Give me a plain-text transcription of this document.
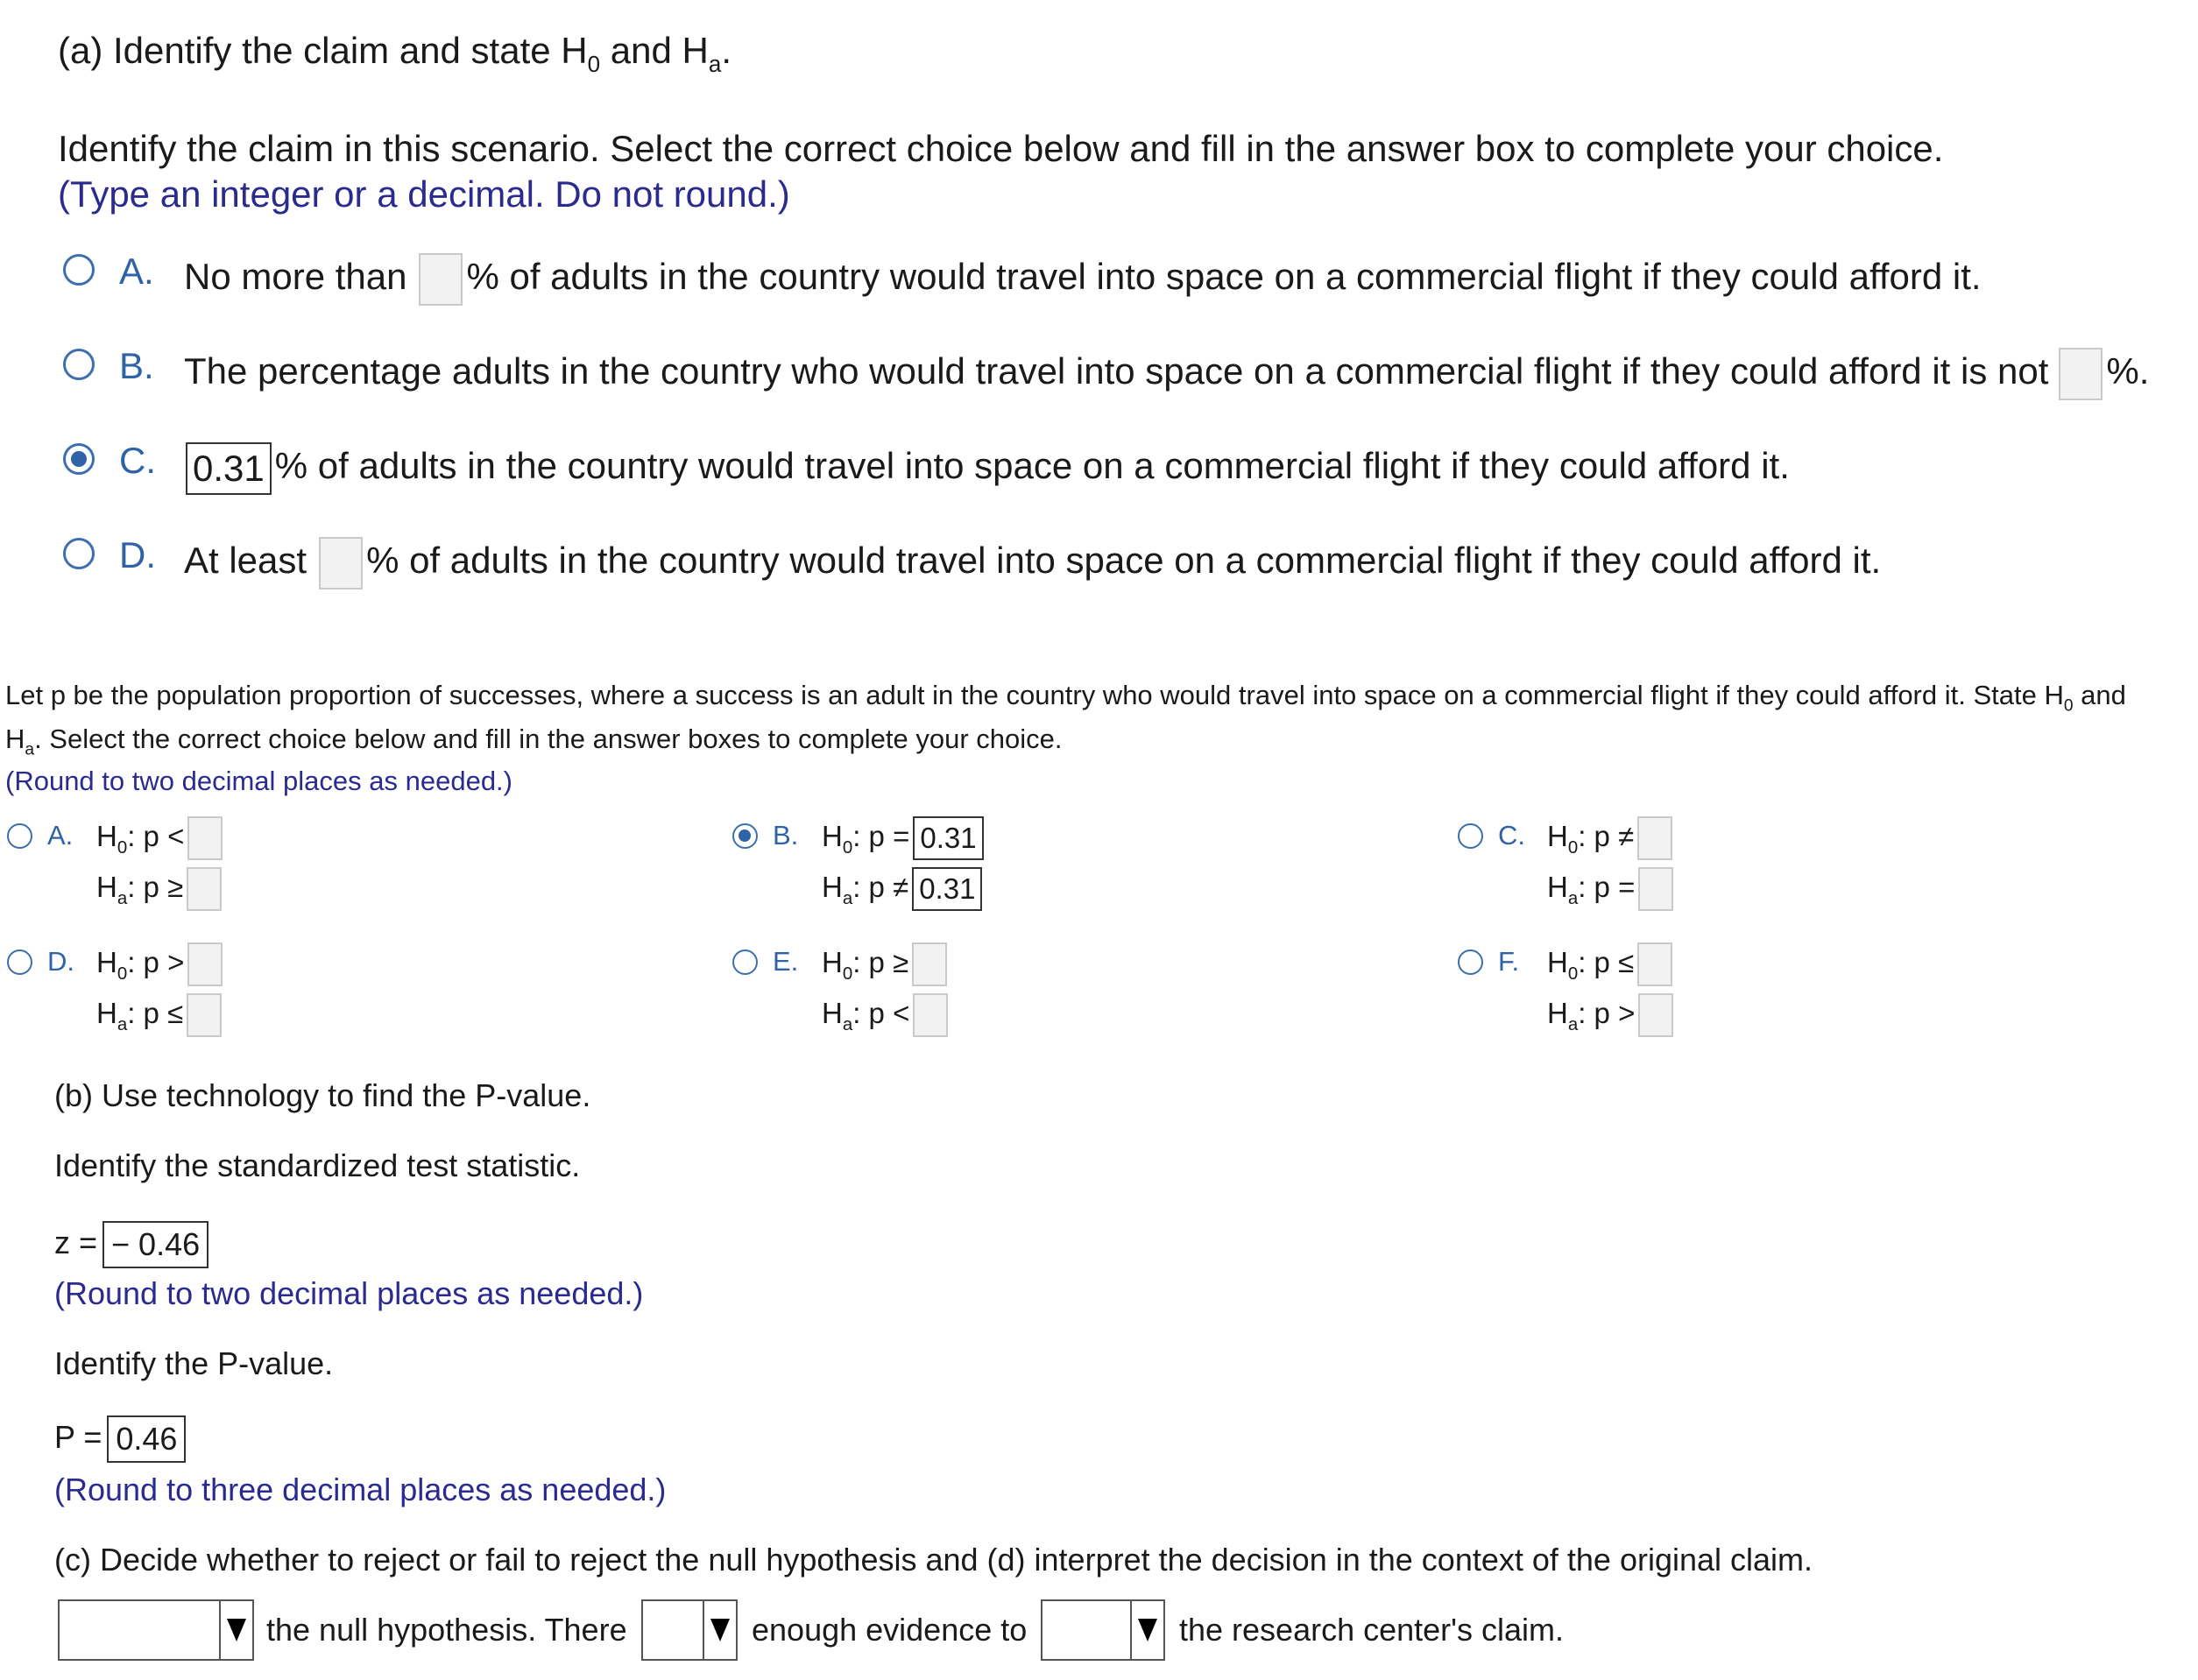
(a) Identify the claim and state $H_0$ and $H_a$.
Identify the claim in this scenario. Select the correct choice below and fill in the answer box to complete your choice.
(Type an integer or a decimal. Do not round.)
A. No more than % of adults in the country would travel into space on a commercial flight if they could afford it.
B. The percentage adults in the country who would travel into space on a commercial flight if they could afford it is not %.
C. 0.31 % of adults in the country would travel into space on a commercial flight if they could afford it.
D. At least % of adults in the country would travel into space on a commercial flight if they could afford it.
Let p be the population proportion of successes, where a success is an adult in the country who would travel into space on a commercial flight if they could afford it. State $H_0$ and
$H_a$. Select the correct choice below and fill in the answer boxes to complete your choice.
(Round to two decimal places as needed.)
A. $H_0$: p <
$H_a$: p ≥
B. $H_0$: p = 0.31
$H_a$: p ≠ 0.31
C. $H_0$: p ≠
$H_a$: p =
D. $H_0$: p >
$H_a$: p ≤
E. $H_0$: p ≥
$H_a$: p <
F. $H_0$: p ≤
$H_a$: p >
(b) Use technology to find the P-value.
Identify the standardized test statistic.
z = − 0.46
(Round to two decimal places as needed.)
Identify the P-value.
P = 0.46
(Round to three decimal places as needed.)
(c) Decide whether to reject or fail to reject the null hypothesis and (d) interpret the decision in the context of the original claim.
the null hypothesis. There	enough evidence to	the research center's claim.
